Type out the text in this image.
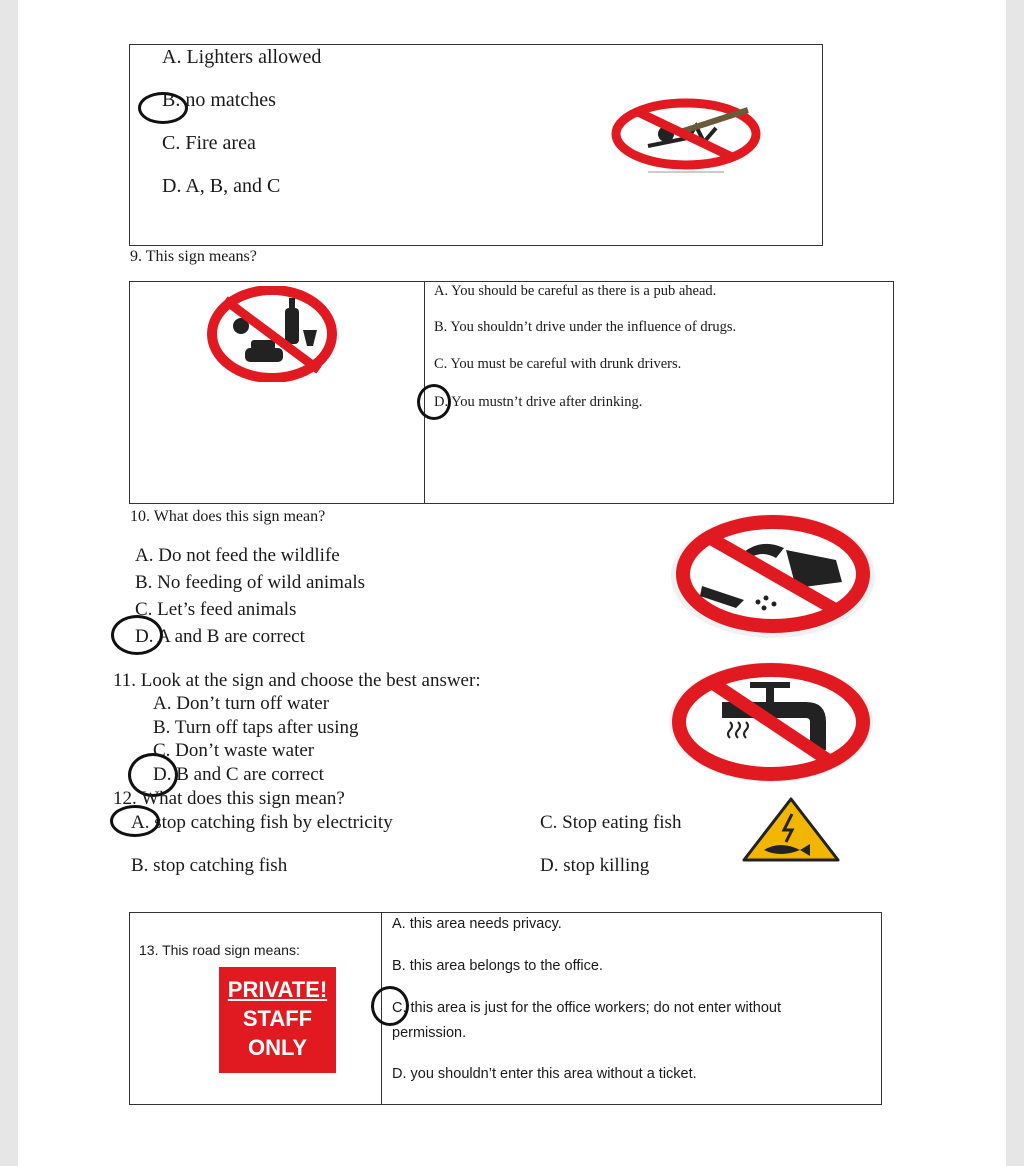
A. Lighters allowed
B. no matches
C. Fire area
D. A, B, and C
9. This sign means?
A. You should be careful as there is a pub ahead.
B. You shouldn’t drive under the influence of drugs.
C. You must be careful with drunk drivers.
D. You mustn’t drive after drinking.
10. What does this sign mean?
A. Do not feed the wildlife
B. No feeding of wild animals
C. Let’s feed animals
D. A and B are correct
11. Look at the sign and choose the best answer:
A. Don’t turn off water
B. Turn off taps after using
C. Don’t waste water
D. B and C are correct
12. What does this sign mean?
A. stop catching fish by electricity	C. Stop eating fish
B. stop catching fish	D. stop killing
13. This road sign means:
PRIVATE!
STAFF
ONLY
A. this area needs privacy.
B. this area belongs to the office.
C. this area is just for the office workers; do not enter without
permission.
D. you shouldn’t enter this area without a ticket.
